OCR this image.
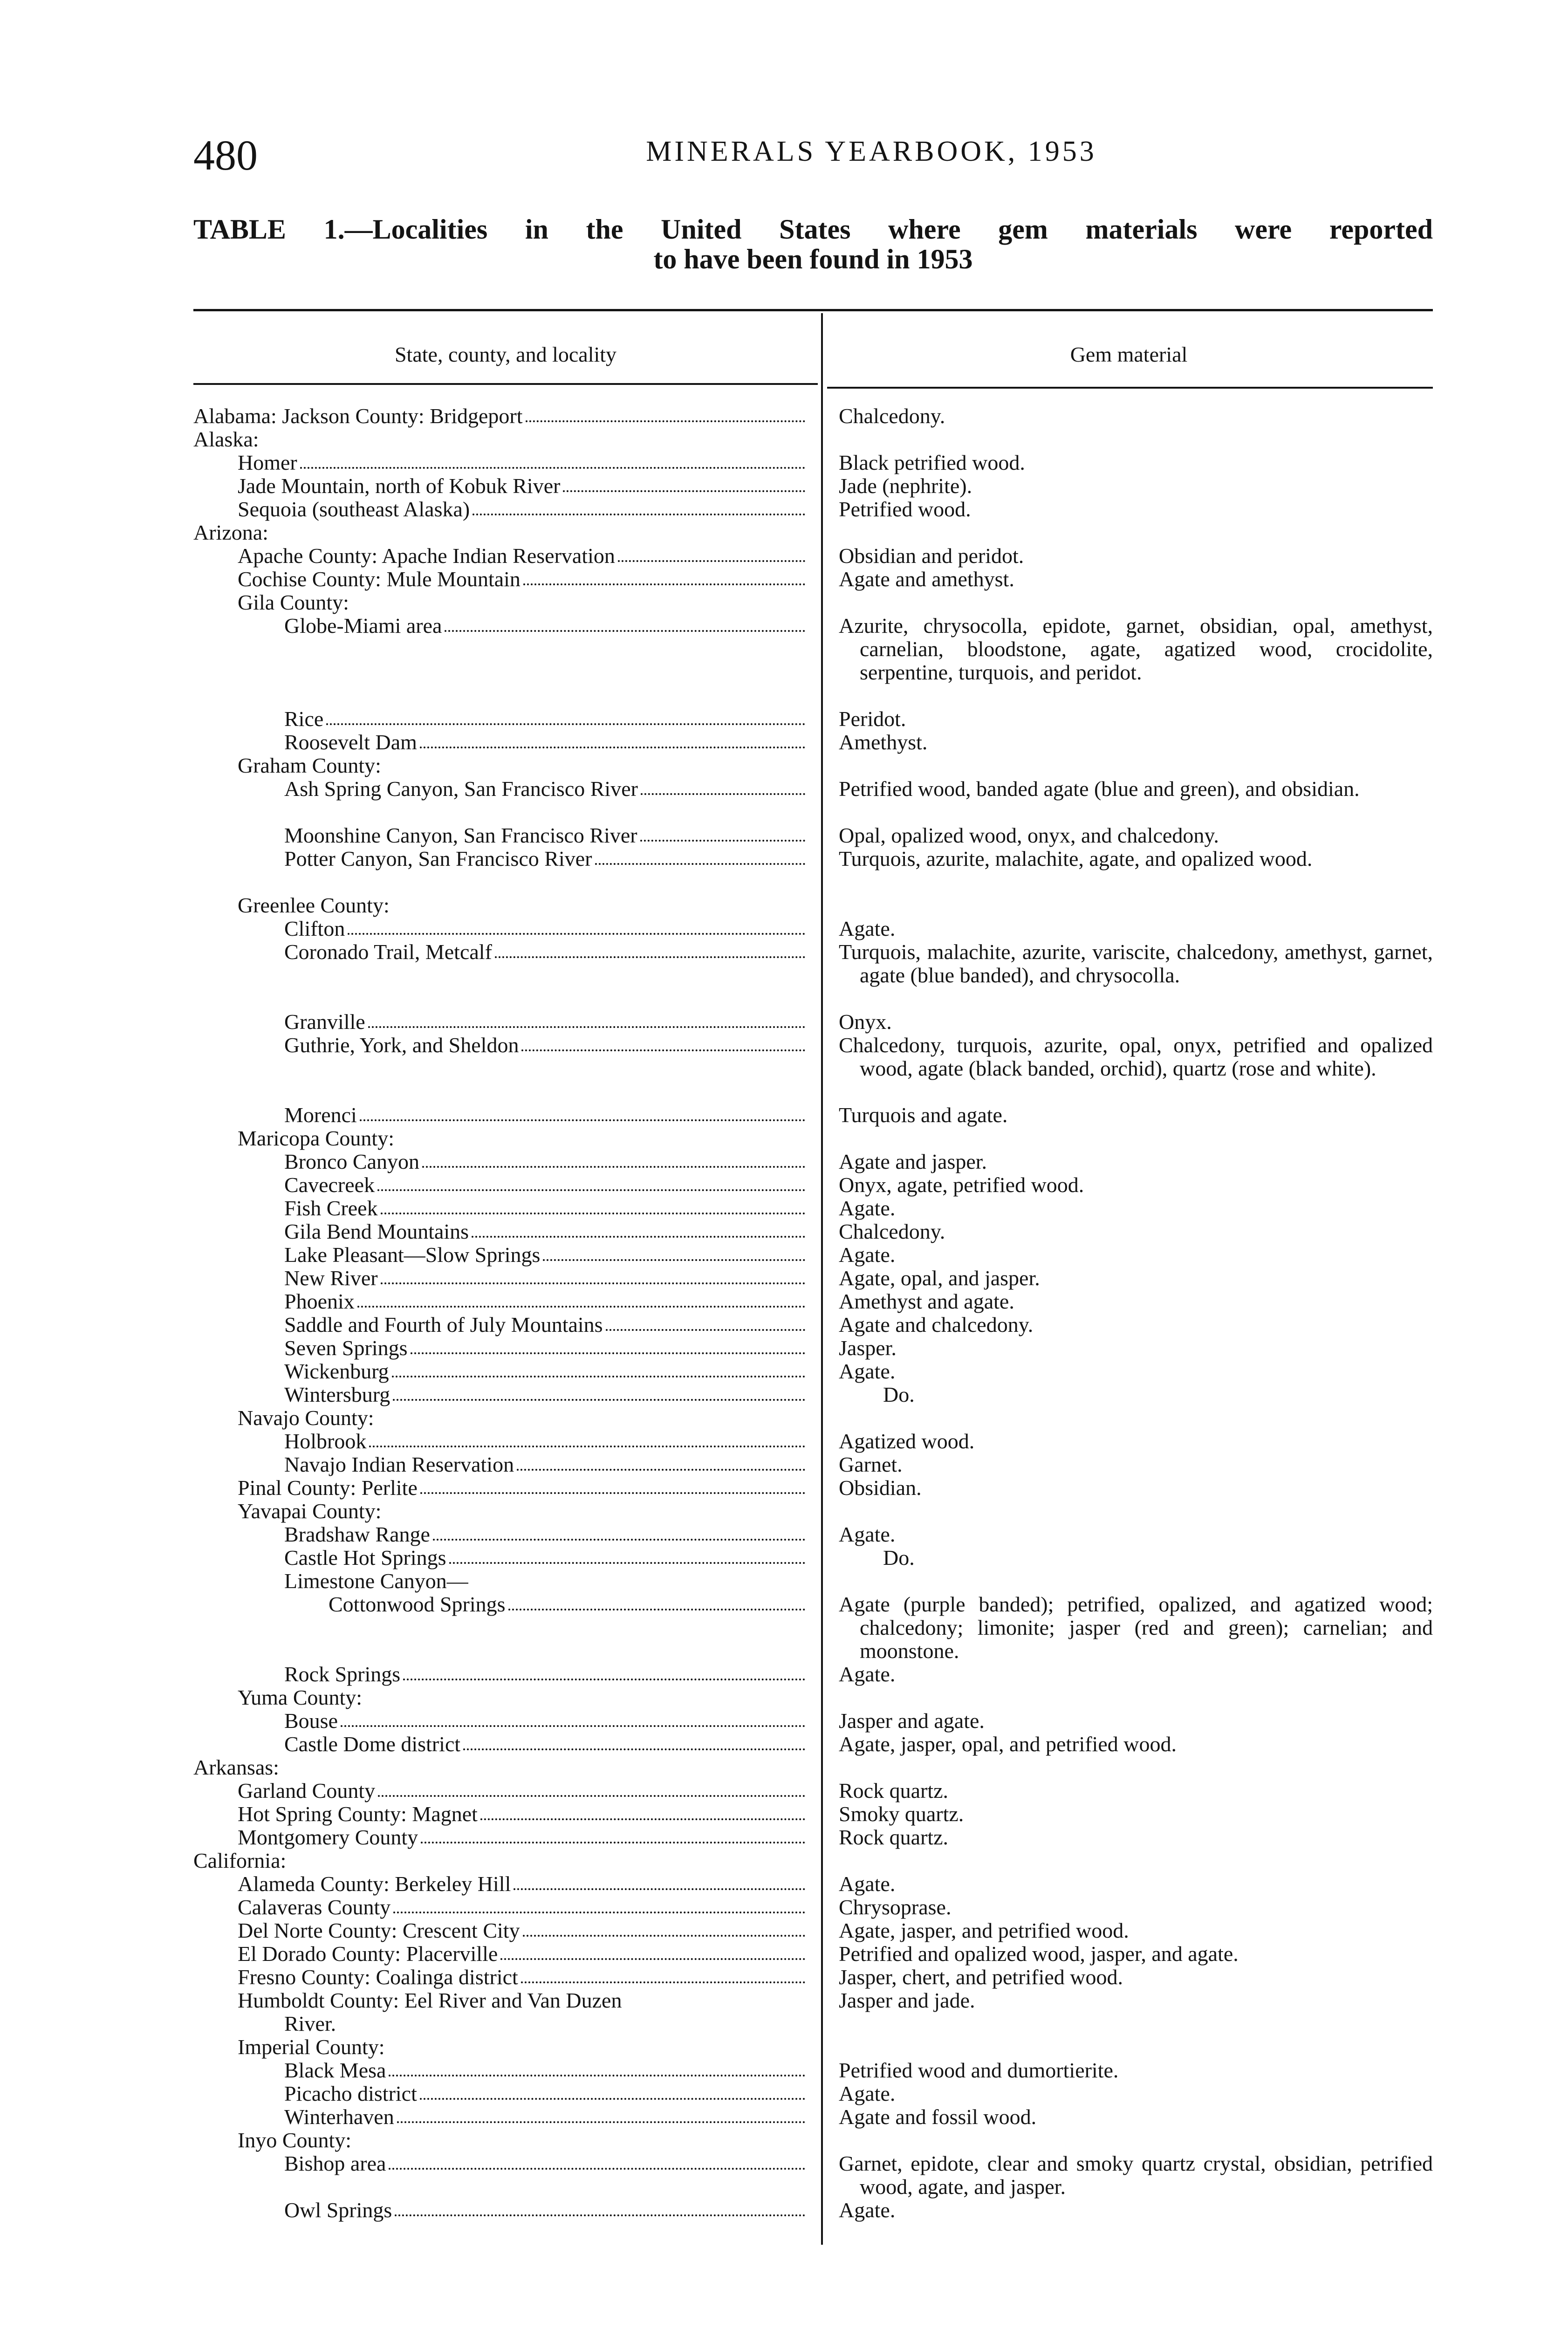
480	MINERALS YEARBOOK, 1953
TABLE 1.—Localities in the United States where gem materials were reported
to have been found in 1953
State, county, and locality	Gem material
Alabama: Jackson County: Bridgeport	Chalcedony.
Alaska:
Homer	Black petrified wood.
Jade Mountain, north of Kobuk River	Jade (nephrite).
Sequoia (southeast Alaska)	Petrified wood.
Arizona:
Apache County: Apache Indian Reservation	Obsidian and peridot.
Cochise County: Mule Mountain	Agate and amethyst.
Gila County:
Globe-Miami area	Azurite, chrysocolla, epidote, garnet, obsidian, opal, amethyst, carnelian, bloodstone, agate, agatized wood, crocidolite, serpentine, turquois, and peridot.
Rice	Peridot.
Roosevelt Dam	Amethyst.
Graham County:
Ash Spring Canyon, San Francisco River	Petrified wood, banded agate (blue and green), and obsidian.
Moonshine Canyon, San Francisco River	Opal, opalized wood, onyx, and chalcedony.
Potter Canyon, San Francisco River	Turquois, azurite, malachite, agate, and opalized wood.
Greenlee County:
Clifton	Agate.
Coronado Trail, Metcalf	Turquois, malachite, azurite, variscite, chalcedony, amethyst, garnet, agate (blue banded), and chrysocolla.
Granville	Onyx.
Guthrie, York, and Sheldon	Chalcedony, turquois, azurite, opal, onyx, petrified and opalized wood, agate (black banded, orchid), quartz (rose and white).
Morenci	Turquois and agate.
Maricopa County:
Bronco Canyon	Agate and jasper.
Cavecreek	Onyx, agate, petrified wood.
Fish Creek	Agate.
Gila Bend Mountains	Chalcedony.
Lake Pleasant—Slow Springs	Agate.
New River	Agate, opal, and jasper.
Phoenix	Amethyst and agate.
Saddle and Fourth of July Mountains	Agate and chalcedony.
Seven Springs	Jasper.
Wickenburg	Agate.
Wintersburg	Do.
Navajo County:
Holbrook	Agatized wood.
Navajo Indian Reservation	Garnet.
Pinal County: Perlite	Obsidian.
Yavapai County:
Bradshaw Range	Agate.
Castle Hot Springs	Do.
Limestone Canyon—
Cottonwood Springs	Agate (purple banded); petrified, opalized, and agatized wood; chalcedony; limonite; jasper (red and green); carnelian; and moonstone.
Rock Springs	Agate.
Yuma County:
Bouse	Jasper and agate.
Castle Dome district	Agate, jasper, opal, and petrified wood.
Arkansas:
Garland County	Rock quartz.
Hot Spring County: Magnet	Smoky quartz.
Montgomery County	Rock quartz.
California:
Alameda County: Berkeley Hill	Agate.
Calaveras County	Chrysoprase.
Del Norte County: Crescent City	Agate, jasper, and petrified wood.
El Dorado County: Placerville	Petrified and opalized wood, jasper, and agate.
Fresno County: Coalinga district	Jasper, chert, and petrified wood.
Humboldt County: Eel River and Van Duzen	Jasper and jade.
River.
Imperial County:
Black Mesa	Petrified wood and dumortierite.
Picacho district	Agate.
Winterhaven	Agate and fossil wood.
Inyo County:
Bishop area	Garnet, epidote, clear and smoky quartz crystal, obsidian, petrified wood, agate, and jasper.
Owl Springs	Agate.
